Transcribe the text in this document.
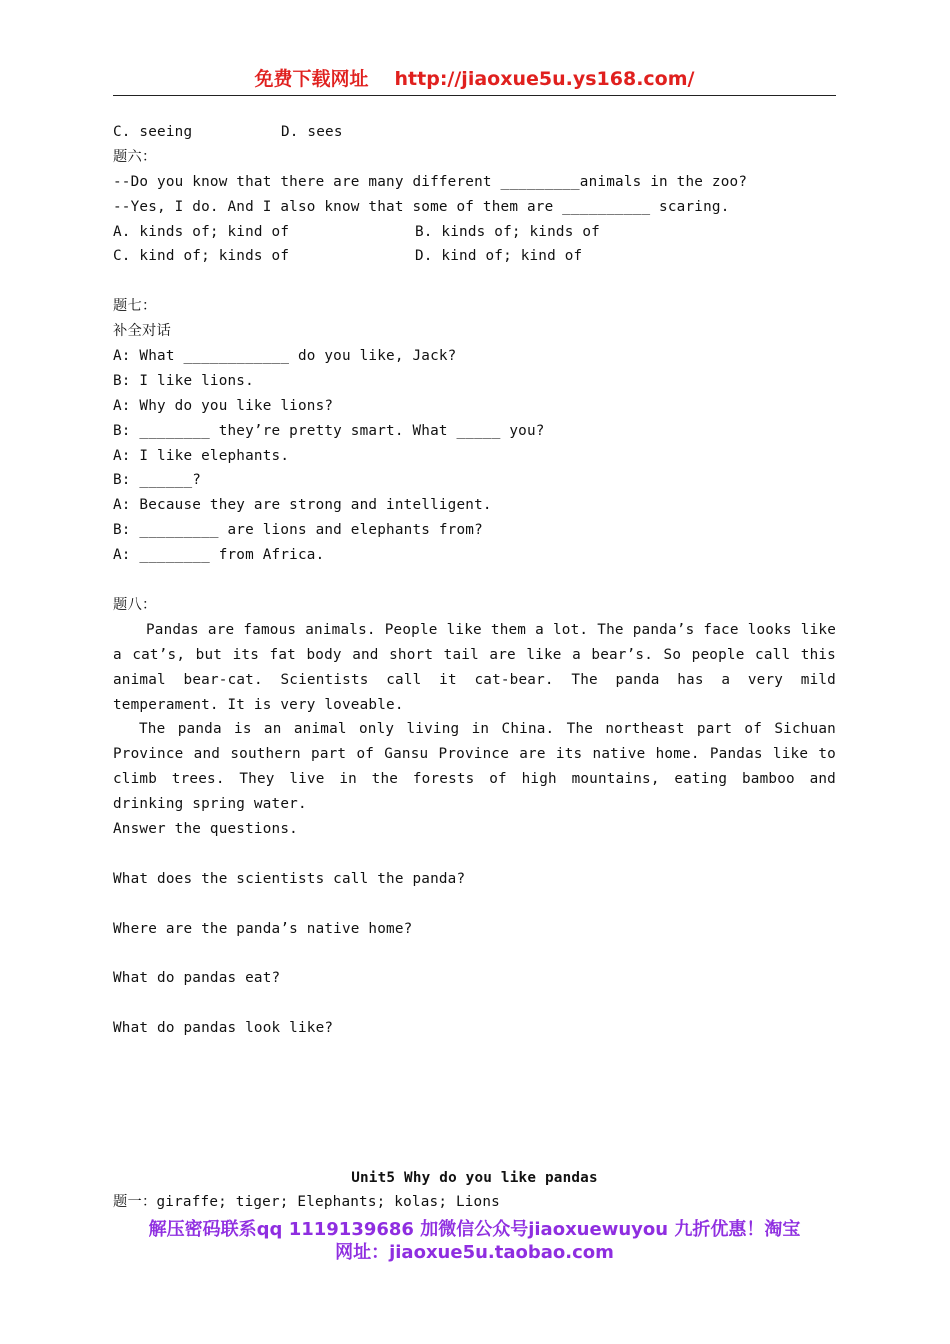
免费下载网址 http://jiaoxue5u.ys168.com/
C. seeing	D. sees
题六：
--Do you know that there are many different _________animals in the zoo?
--Yes, I do. And I also know that some of them are __________ scaring.
A. kinds of; kind of	B. kinds of; kinds of
C. kind of; kinds of	D. kind of; kind of
题七：
补全对话
A: What ____________ do you like, Jack?
B: I like lions.
A: Why do you like lions?
B: ________ they’re pretty smart. What _____ you?
A: I like elephants.
B: ______?
A: Because they are strong and intelligent.
B: _________ are lions and elephants from?
A: ________ from Africa.
题八：
Pandas are famous animals. People like them a lot. The panda’s face looks like a cat’s, but its fat body and short tail are like a bear’s. So people call this animal bear-cat. Scientists call it cat-bear. The panda has a very mild temperament. It is very loveable.
The panda is an animal only living in China. The northeast part of Sichuan Province and southern part of Gansu Province are its native home. Pandas like to climb trees. They live in the forests of high mountains, eating bamboo and drinking spring water.
Answer the questions.
What does the scientists call the panda?
Where are the panda’s native home?
What do pandas eat?
What do pandas look like?
Unit5 Why do you like pandas
题一：giraffe; tiger; Elephants; kolas; Lions
解压密码联系qq 1119139686 加微信公众号jiaoxuewuyou 九折优惠！淘宝
网址：jiaoxue5u.taobao.com
